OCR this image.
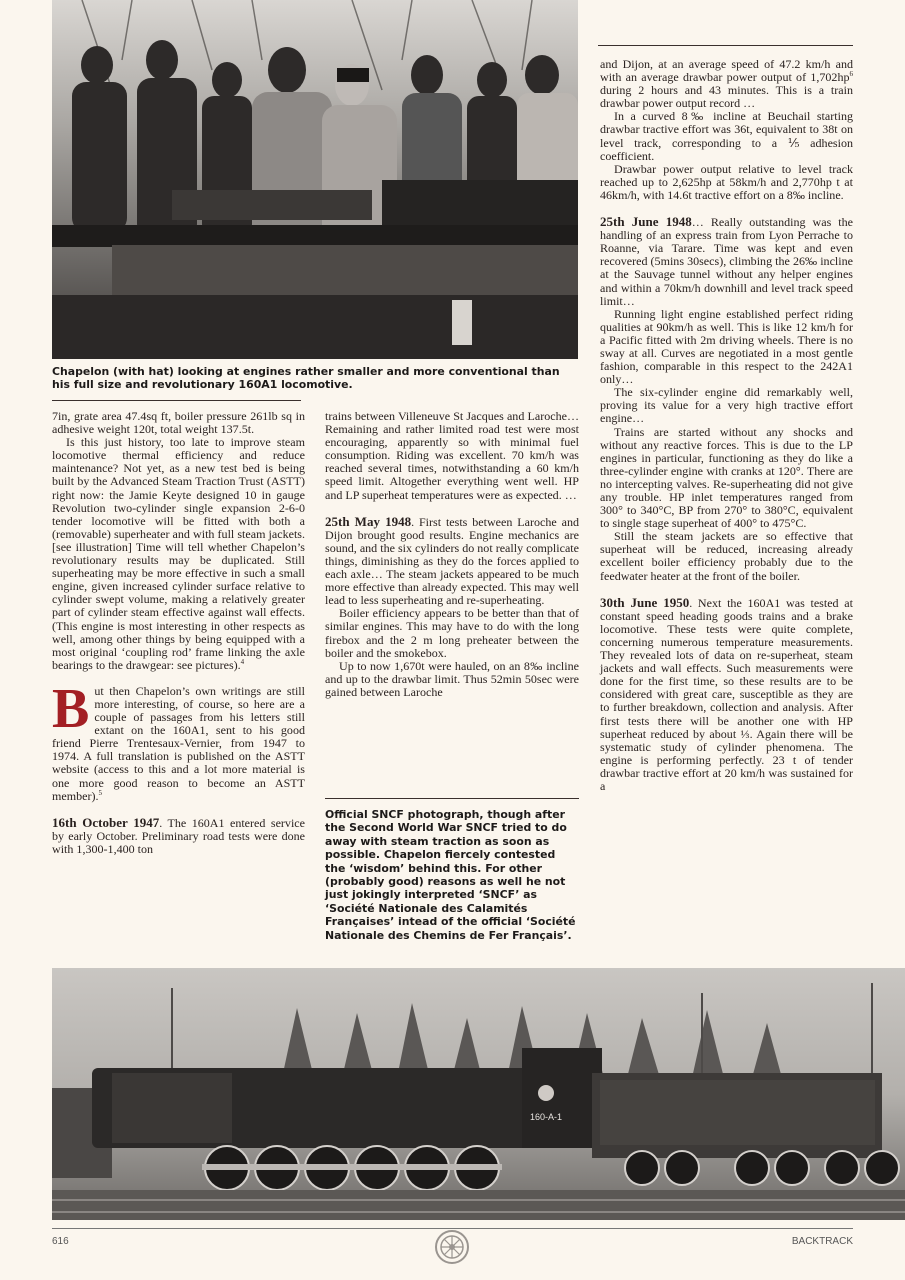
Chapelon (with hat) looking at engines rather smaller and more conventional than his full size and revolutionary 160A1 locomotive.

7in, grate area 47.4sq ft, boiler pressure 261lb sq in adhesive weight 120t, total weight 137.5t.

Is this just history, too late to improve steam locomotive thermal efficiency and reduce maintenance? Not yet, as a new test bed is being built by the Advanced Steam Traction Trust (ASTT) right now: the Jamie Keyte designed 10 in gauge Revolution two-cylinder single expansion 2-6-0 tender locomotive will be fitted with both a (removable) superheater and with full steam jackets. [see illustration] Time will tell whether Chapelon’s revolutionary results may be duplicated. Still superheating may be more effective in such a small engine, given increased cylinder surface relative to cylinder swept volume, making a relatively greater part of cylinder steam effective against wall effects. (This engine is most interesting in other respects as well, among other things by being equipped with a most original ‘coupling rod’ frame linking the axle bearings to the drawgear: see pictures).$^4$

But then Chapelon’s own writings are still more interesting, of course, so here are a couple of passages from his letters still extant on the 160A1, sent to his good friend Pierre Trentesaux-Vernier, from 1947 to 1974. A full translation is published on the ASTT website (access to this and a lot more material is one more good reason to become an ASTT member).$^5$

16th October 1947. The 160A1 entered service by early October. Preliminary road tests were done with 1,300-1,400 ton

trains between Villeneuve St Jacques and Laroche… Remaining and rather limited road test were most encouraging, apparently so with minimal fuel consumption. Riding was excellent. 70 km/h was reached several times, notwithstanding a 60 km/h speed limit. Altogether everything went well. HP and LP superheat temperatures were as expected. …

25th May 1948. First tests between Laroche and Dijon brought good results. Engine mechanics are sound, and the six cylinders do not really complicate things, diminishing as they do the forces applied to each axle… The steam jackets appeared to be much more effective than already expected. This may well lead to less superheating and re-superheating.

Boiler efficiency appears to be better than that of similar engines. This may have to do with the long firebox and the 2 m long preheater between the boiler and the smokebox.

Up to now 1,670t were hauled, on an 8‰ incline and up to the drawbar limit. Thus 52min 50sec were gained between Laroche

Official SNCF photograph, though after the Second World War SNCF tried to do away with steam traction as soon as possible. Chapelon fiercely contested the ‘wisdom’ behind this. For other (probably good) reasons as well he not just jokingly interpreted ‘SNCF’ as ‘Société Nationale des Calamités Françaises’ intead of the official ‘Société Nationale des Chemins de Fer Français’.

and Dijon, at an average speed of 47.2 km/h and with an average drawbar power output of $1,702hp^6$ during 2 hours and 43 minutes. This is a train drawbar power output record …

In a curved 8‰ incline at Beuchail starting drawbar tractive effort was 36t, equivalent to 38t on level track, corresponding to a ⅕ adhesion coefficient.

Drawbar power output relative to level track reached up to 2,625hp at 58km/h and 2,770hp t at 46km/h, with 14.6t tractive effort on a 8‰ incline.

25th June 1948… Really outstanding was the handling of an express train from Lyon Perrache to Roanne, via Tarare. Time was kept and even recovered (5mins 30secs), climbing the 26‰ incline at the Sauvage tunnel without any helper engines and within a 70km/h downhill and level track speed limit…

Running light engine established perfect riding qualities at 90km/h as well. This is like 12 km/h for a Pacific fitted with 2m driving wheels. There is no sway at all. Curves are negotiated in a most gentle fashion, comparable in this respect to the 242A1 only…

The six-cylinder engine did remarkably well, proving its value for a very high tractive effort engine…

Trains are started without any shocks and without any reactive forces. This is due to the LP engines in particular, functioning as they do like a three-cylinder engine with cranks at 120°. There are no intercepting valves. Re-superheating did not give any trouble. HP inlet temperatures ranged from 300° to 340°C, BP from 270° to 380°C, equivalent to single stage superheat of 400° to 475°C.

Still the steam jackets are so effective that superheat will be reduced, increasing already excellent boiler efficiency probably due to the feedwater heater at the front of the boiler.

30th June 1950. Next the 160A1 was tested at constant speed heading goods trains and a brake locomotive. These tests were quite complete, concerning numerous temperature measurements. They revealed lots of data on re-superheat, steam jackets and wall effects. Such measurements were done for the first time, so these results are to be considered with great care, susceptible as they are to further breakdown, collection and analysis. After first tests there will be another one with HP superheat reduced by about ⅓. Again there will be systematic study of cylinder phenomena. The engine is performing perfectly. 23 t of tender drawbar tractive effort at 20 km/h was sustained for a

160-A-1
616	BACKTRACK
